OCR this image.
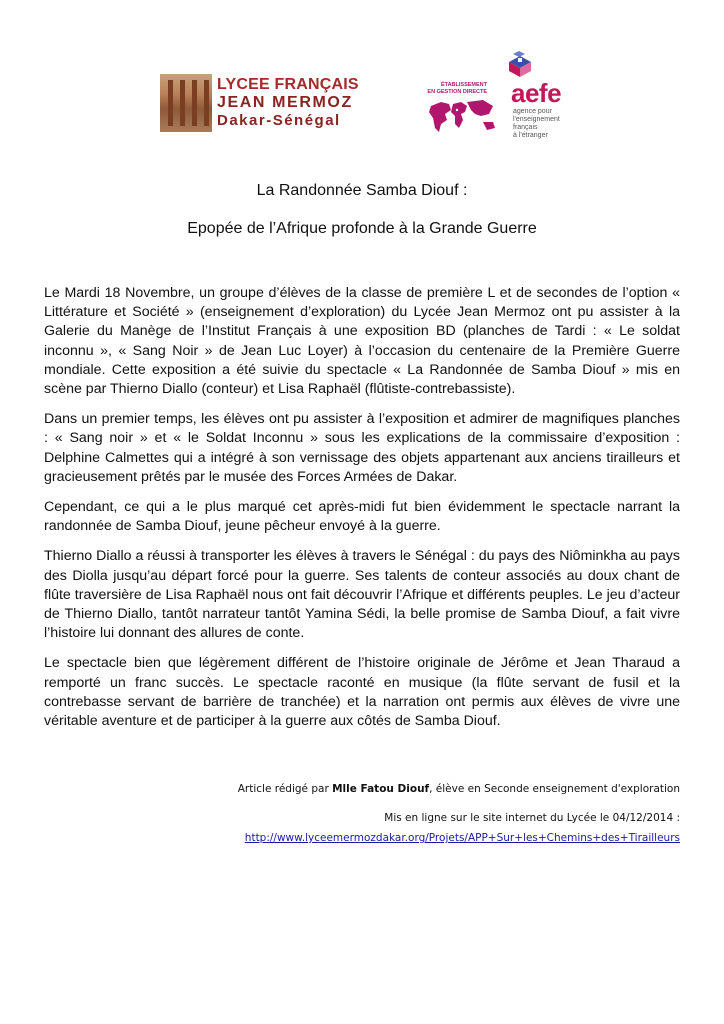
LYCEE FRANÇAIS
JEAN MERMOZ
Dakar-Sénégal
ÉTABLISSEMENT
EN GESTION DIRECTE aefe
agence pour
l'enseignement
français
à l'étranger
La Randonnée Samba Diouf :
Epopée de l’Afrique profonde à la Grande Guerre

Le Mardi 18 Novembre, un groupe d’élèves de la classe de première L et de secondes de l’option « Littérature et Société » (enseignement d’exploration) du Lycée Jean Mermoz ont pu assister à la Galerie du Manège de l’Institut Français à une exposition BD (planches de Tardi : « Le soldat inconnu », « Sang Noir » de Jean Luc Loyer) à l’occasion du centenaire de la Première Guerre mondiale. Cette exposition a été suivie du spectacle « La Randonnée de Samba Diouf » mis en scène par Thierno Diallo (conteur) et Lisa Raphaël (flûtiste-contrebassiste).

Dans un premier temps, les élèves ont pu assister à l’exposition et admirer de magnifiques planches : « Sang noir » et « le Soldat Inconnu » sous les explications de la commissaire d’exposition : Delphine Calmettes qui a intégré à son vernissage des objets appartenant aux anciens tirailleurs et gracieusement prêtés par le musée des Forces Armées de Dakar.

Cependant, ce qui a le plus marqué cet après-midi fut bien évidemment le spectacle narrant la randonnée de Samba Diouf, jeune pêcheur envoyé à la guerre.

Thierno Diallo a réussi à transporter les élèves à travers le Sénégal : du pays des Niôminkha au pays des Diolla jusqu’au départ forcé pour la guerre. Ses talents de conteur associés au doux chant de flûte traversière de Lisa Raphaël nous ont fait découvrir l’Afrique et différents peuples. Le jeu d’acteur de Thierno Diallo, tantôt narrateur tantôt Yamina Sédi, la belle promise de Samba Diouf, a fait vivre l’histoire lui donnant des allures de conte.

Le spectacle bien que légèrement différent de l’histoire originale de Jérôme et Jean Tharaud a remporté un franc succès. Le spectacle raconté en musique (la flûte servant de fusil et la contrebasse servant de barrière de tranchée) et la narration ont permis aux élèves de vivre une véritable aventure et de participer à la guerre aux côtés de Samba Diouf.

Article rédigé par Mlle Fatou Diouf, élève en Seconde enseignement d'exploration
Mis en ligne sur le site internet du Lycée le 04/12/2014 :
http://www.lyceemermozdakar.org/Projets/APP+Sur+les+Chemins+des+Tirailleurs
